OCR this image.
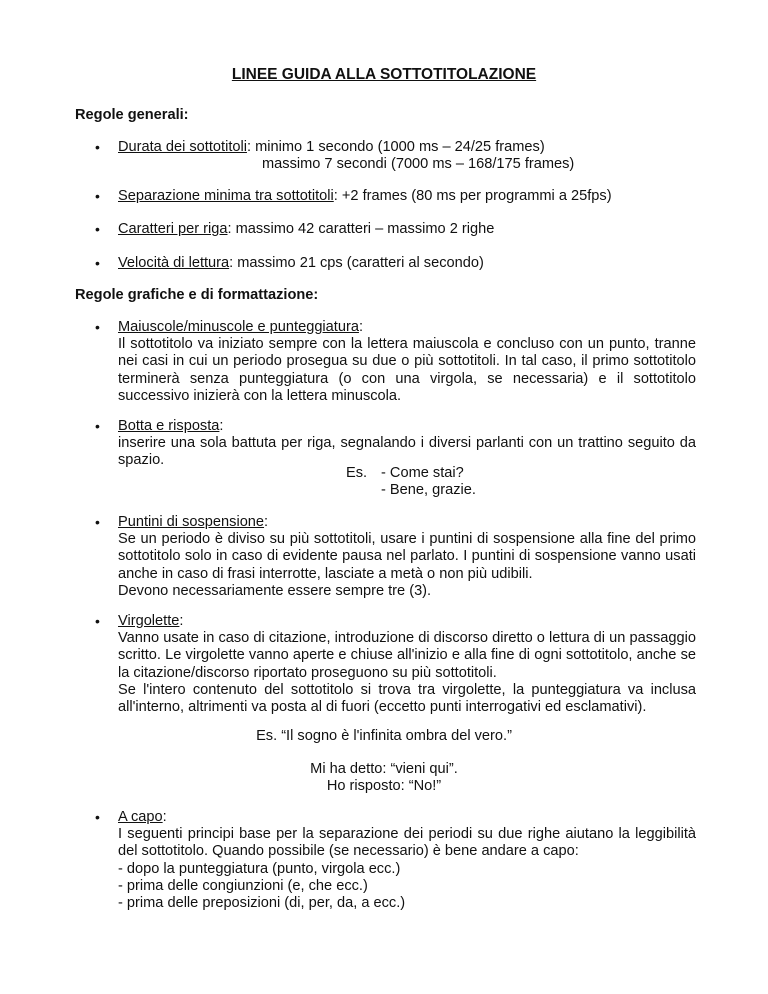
LINEE GUIDA ALLA SOTTOTITOLAZIONE
Regole generali:
• Durata dei sottotitoli: minimo 1 secondo (1000 ms – 24/25 frames)
massimo 7 secondi (7000 ms – 168/175 frames)
• Separazione minima tra sottotitoli: +2 frames (80 ms per programmi a 25fps)
• Caratteri per riga: massimo 42 caratteri – massimo 2 righe
• Velocità di lettura: massimo 21 cps (caratteri al secondo)
Regole grafiche e di formattazione:
• Maiuscole/minuscole e punteggiatura:
Il sottotitolo va iniziato sempre con la lettera maiuscola e concluso con un punto, tranne nei casi in cui un periodo prosegua su due o più sottotitoli. In tal caso, il primo sottotitolo terminerà senza punteggiatura (o con una virgola, se necessaria) e il sottotitolo successivo inizierà con la lettera minuscola.
• Botta e risposta:
inserire una sola battuta per riga, segnalando i diversi parlanti con un trattino seguito da spazio.
Es. - Come stai?
- Bene, grazie.
• Puntini di sospensione:
Se un periodo è diviso su più sottotitoli, usare i puntini di sospensione alla fine del primo sottotitolo solo in caso di evidente pausa nel parlato. I puntini di sospensione vanno usati anche in caso di frasi interrotte, lasciate a metà o non più udibili.
Devono necessariamente essere sempre tre (3).
• Virgolette:
Vanno usate in caso di citazione, introduzione di discorso diretto o lettura di un passaggio scritto. Le virgolette vanno aperte e chiuse all'inizio e alla fine di ogni sottotitolo, anche se la citazione/discorso riportato proseguono su più sottotitoli.
Se l'intero contenuto del sottotitolo si trova tra virgolette, la punteggiatura va inclusa all'interno, altrimenti va posta al di fuori (eccetto punti interrogativi ed esclamativi).
Es. “Il sogno è l'infinita ombra del vero.”
Mi ha detto: “vieni qui”.
Ho risposto: “No!”
• A capo:
I seguenti principi base per la separazione dei periodi su due righe aiutano la leggibilità del sottotitolo. Quando possibile (se necessario) è bene andare a capo:
- dopo la punteggiatura (punto, virgola ecc.)
- prima delle congiunzioni (e, che ecc.)
- prima delle preposizioni (di, per, da, a ecc.)
